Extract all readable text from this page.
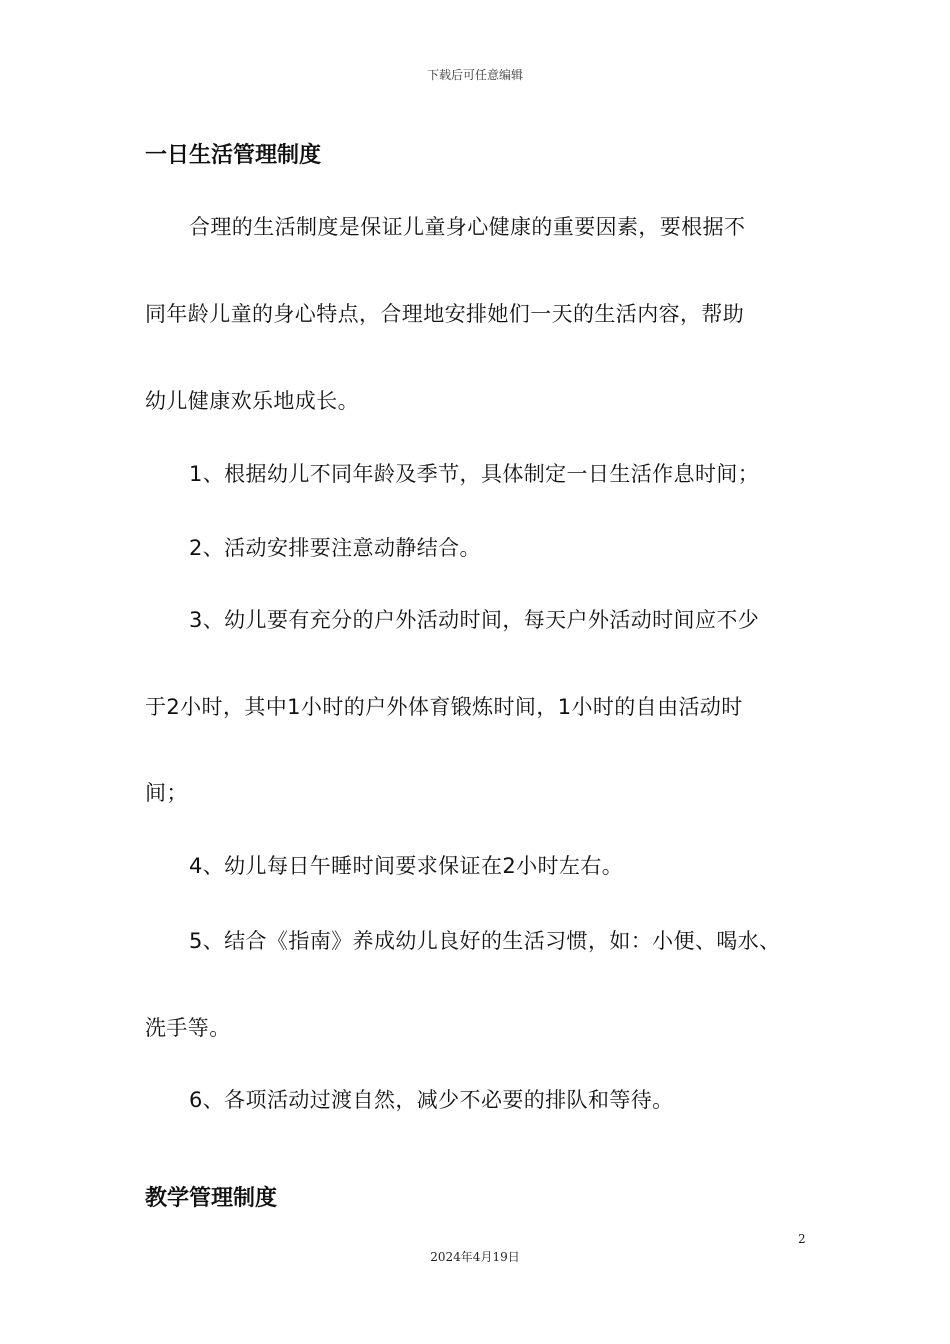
下载后可任意编辑
一日生活管理制度
合理的生活制度是保证儿童身心健康的重要因素，要根据不
同年龄儿童的身心特点，合理地安排她们一天的生活内容，帮助
幼儿健康欢乐地成长。
1、根据幼儿不同年龄及季节，具体制定一日生活作息时间；
2、活动安排要注意动静结合。
3、幼儿要有充分的户外活动时间，每天户外活动时间应不少
于2小时，其中1小时的户外体育锻炼时间，1小时的自由活动时
间；
4、幼儿每日午睡时间要求保证在2小时左右。
5、结合《指南》养成幼儿良好的生活习惯，如：小便、喝水、
洗手等。
6、各项活动过渡自然，减少不必要的排队和等待。
教学管理制度
2
2024年4月19日
